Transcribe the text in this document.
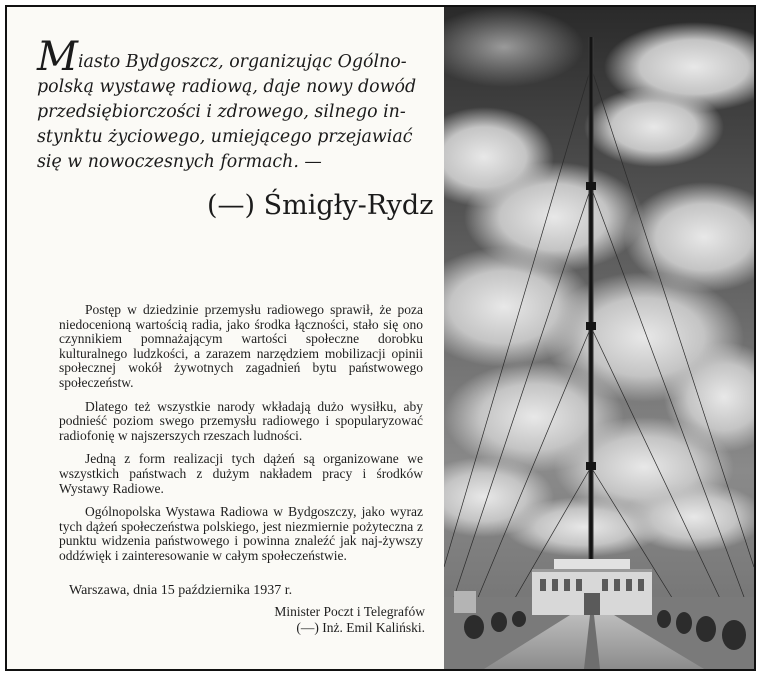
Miasto Bydgoszcz, organizując Ogólno-
polską wystawę radiową, daje nowy dowód
przedsiębiorczości i zdrowego, silnego in-
stynktu życiowego, umiejącego przejawiać
się w nowoczesnych formach. —
(—) Śmigły-Rydz

Postęp w dziedzinie przemysłu radiowego sprawił, że poza niedocenioną wartością radia, jako środka łączności, stało się ono czynnikiem pomnażającym wartości społeczne dorobku kulturalnego ludzkości, a zarazem narzędziem mobilizacji opinii społecznej wokół żywotnych zagadnień bytu państwowego społeczeństw.

Dlatego też wszystkie narody wkładają dużo wysiłku, aby podnieść poziom swego przemysłu radiowego i spopularyzować radiofonię w najszerszych rzeszach ludności.

Jedną z form realizacji tych dążeń są organizowane we wszystkich państwach z dużym nakładem pracy i środków Wystawy Radiowe.

Ogólnopolska Wystawa Radiowa w Bydgoszczy, jako wyraz tych dążeń społeczeństwa polskiego, jest niezmiernie pożyteczna z punktu widzenia państwowego i powinna znaleźć jak naj-żywszy oddźwięk i zainteresowanie w całym społeczeństwie.

Warszawa, dnia 15 października 1937 r.
Minister Poczt i Telegrafów
(—) Inż. Emil Kaliński.
